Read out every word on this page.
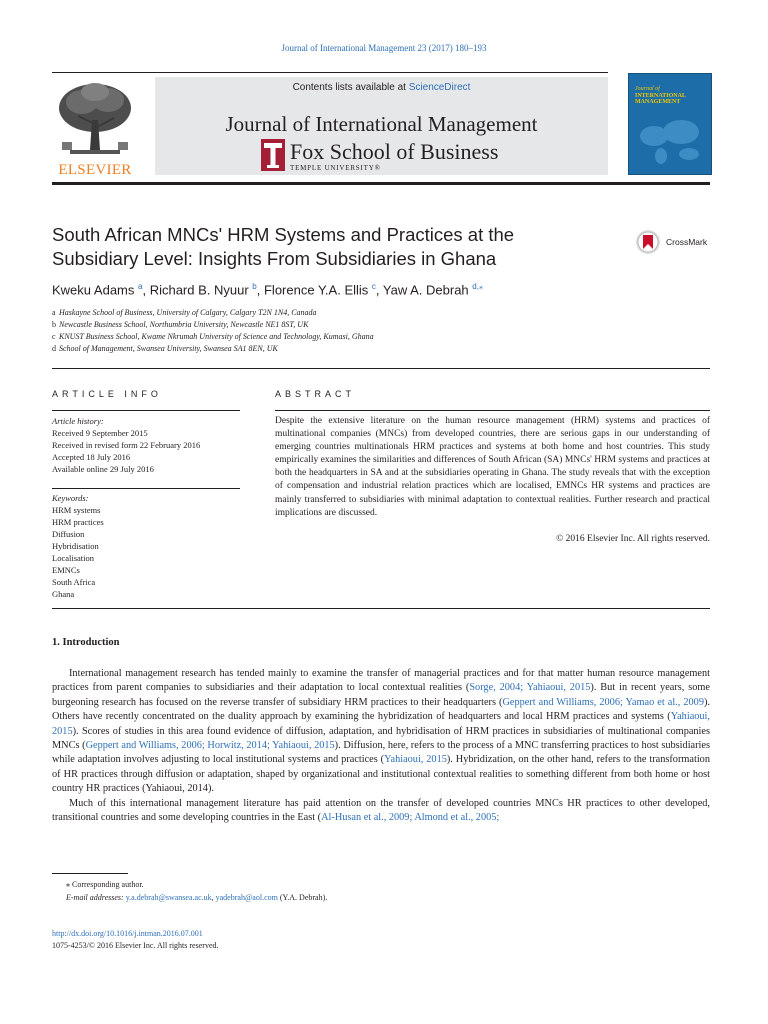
Journal of International Management 23 (2017) 180–193
ELSEVIER
Contents lists available at ScienceDirect
Journal of International Management
Fox School of Business
TEMPLE UNIVERSITY®
Journal of
INTERNATIONAL
MANAGEMENT
South African MNCs' HRM Systems and Practices at the
Subsidiary Level: Insights From Subsidiaries in Ghana
CrossMark
Kweku Adams $^a$, Richard B. Nyuur $^b$, Florence Y.A. Ellis $^c$, Yaw A. Debrah $^{d,⁎}$
a Haskayne School of Business, University of Calgary, Calgary T2N 1N4, Canada
b Newcastle Business School, Northumbria University, Newcastle NE1 8ST, UK
c KNUST Business School, Kwame Nkrumah University of Science and Technology, Kumasi, Ghana
d School of Management, Swansea University, Swansea SA1 8EN, UK
ARTICLE INFO	ABSTRACT
Article history:
Received 9 September 2015
Received in revised form 22 February 2016
Accepted 18 July 2016
Available online 29 July 2016
Keywords:
HRM systems
HRM practices
Diffusion
Hybridisation
Localisation
EMNCs
South Africa
Ghana
Despite the extensive literature on the human resource management (HRM) systems and practices of multinational companies (MNCs) from developed countries, there are serious gaps in our understanding of emerging countries multinationals HRM practices and systems at both home and host countries. This study empirically examines the similarities and differences of South African (SA) MNCs' HRM systems and practices at both the headquarters in SA and at the subsidiaries operating in Ghana. The study reveals that with the exception of compensation and industrial relation practices which are localised, EMNCs HR systems and practices are mainly transferred to subsidiaries with minimal adaptation to contextual realities. Further research and practical implications are discussed.
© 2016 Elsevier Inc. All rights reserved.
1. Introduction

International management research has tended mainly to examine the transfer of managerial practices and for that matter human resource management practices from parent companies to subsidiaries and their adaptation to local contextual realities (Sorge, 2004; Yahiaoui, 2015). But in recent years, some burgeoning research has focused on the reverse transfer of subsidiary HRM practices to their headquarters (Geppert and Williams, 2006; Yamao et al., 2009). Others have recently concentrated on the duality approach by examining the hybridization of headquarters and local HRM practices and systems (Yahiaoui, 2015). Scores of studies in this area found evidence of diffusion, adaptation, and hybridisation of HRM practices in subsidiaries of multinational companies MNCs (Geppert and Williams, 2006; Horwitz, 2014; Yahiaoui, 2015). Diffusion, here, refers to the process of a MNC transferring practices to host subsidiaries while adaptation involves adjusting to local institutional systems and practices (Yahiaoui, 2015). Hybridization, on the other hand, refers to the transformation of HR practices through diffusion or adaptation, shaped by organizational and institutional contextual realities to something different from both home or host country HR practices (Yahiaoui, 2014).

Much of this international management literature has paid attention on the transfer of developed countries MNCs HR practices to other developed, transitional countries and some developing countries in the East (Al-Husan et al., 2009; Almond et al., 2005;

⁎ Corresponding author.
E-mail addresses: y.a.debrah@swansea.ac.uk, yadebrah@aol.com (Y.A. Debrah).
http://dx.doi.org/10.1016/j.intman.2016.07.001
1075-4253/© 2016 Elsevier Inc. All rights reserved.
